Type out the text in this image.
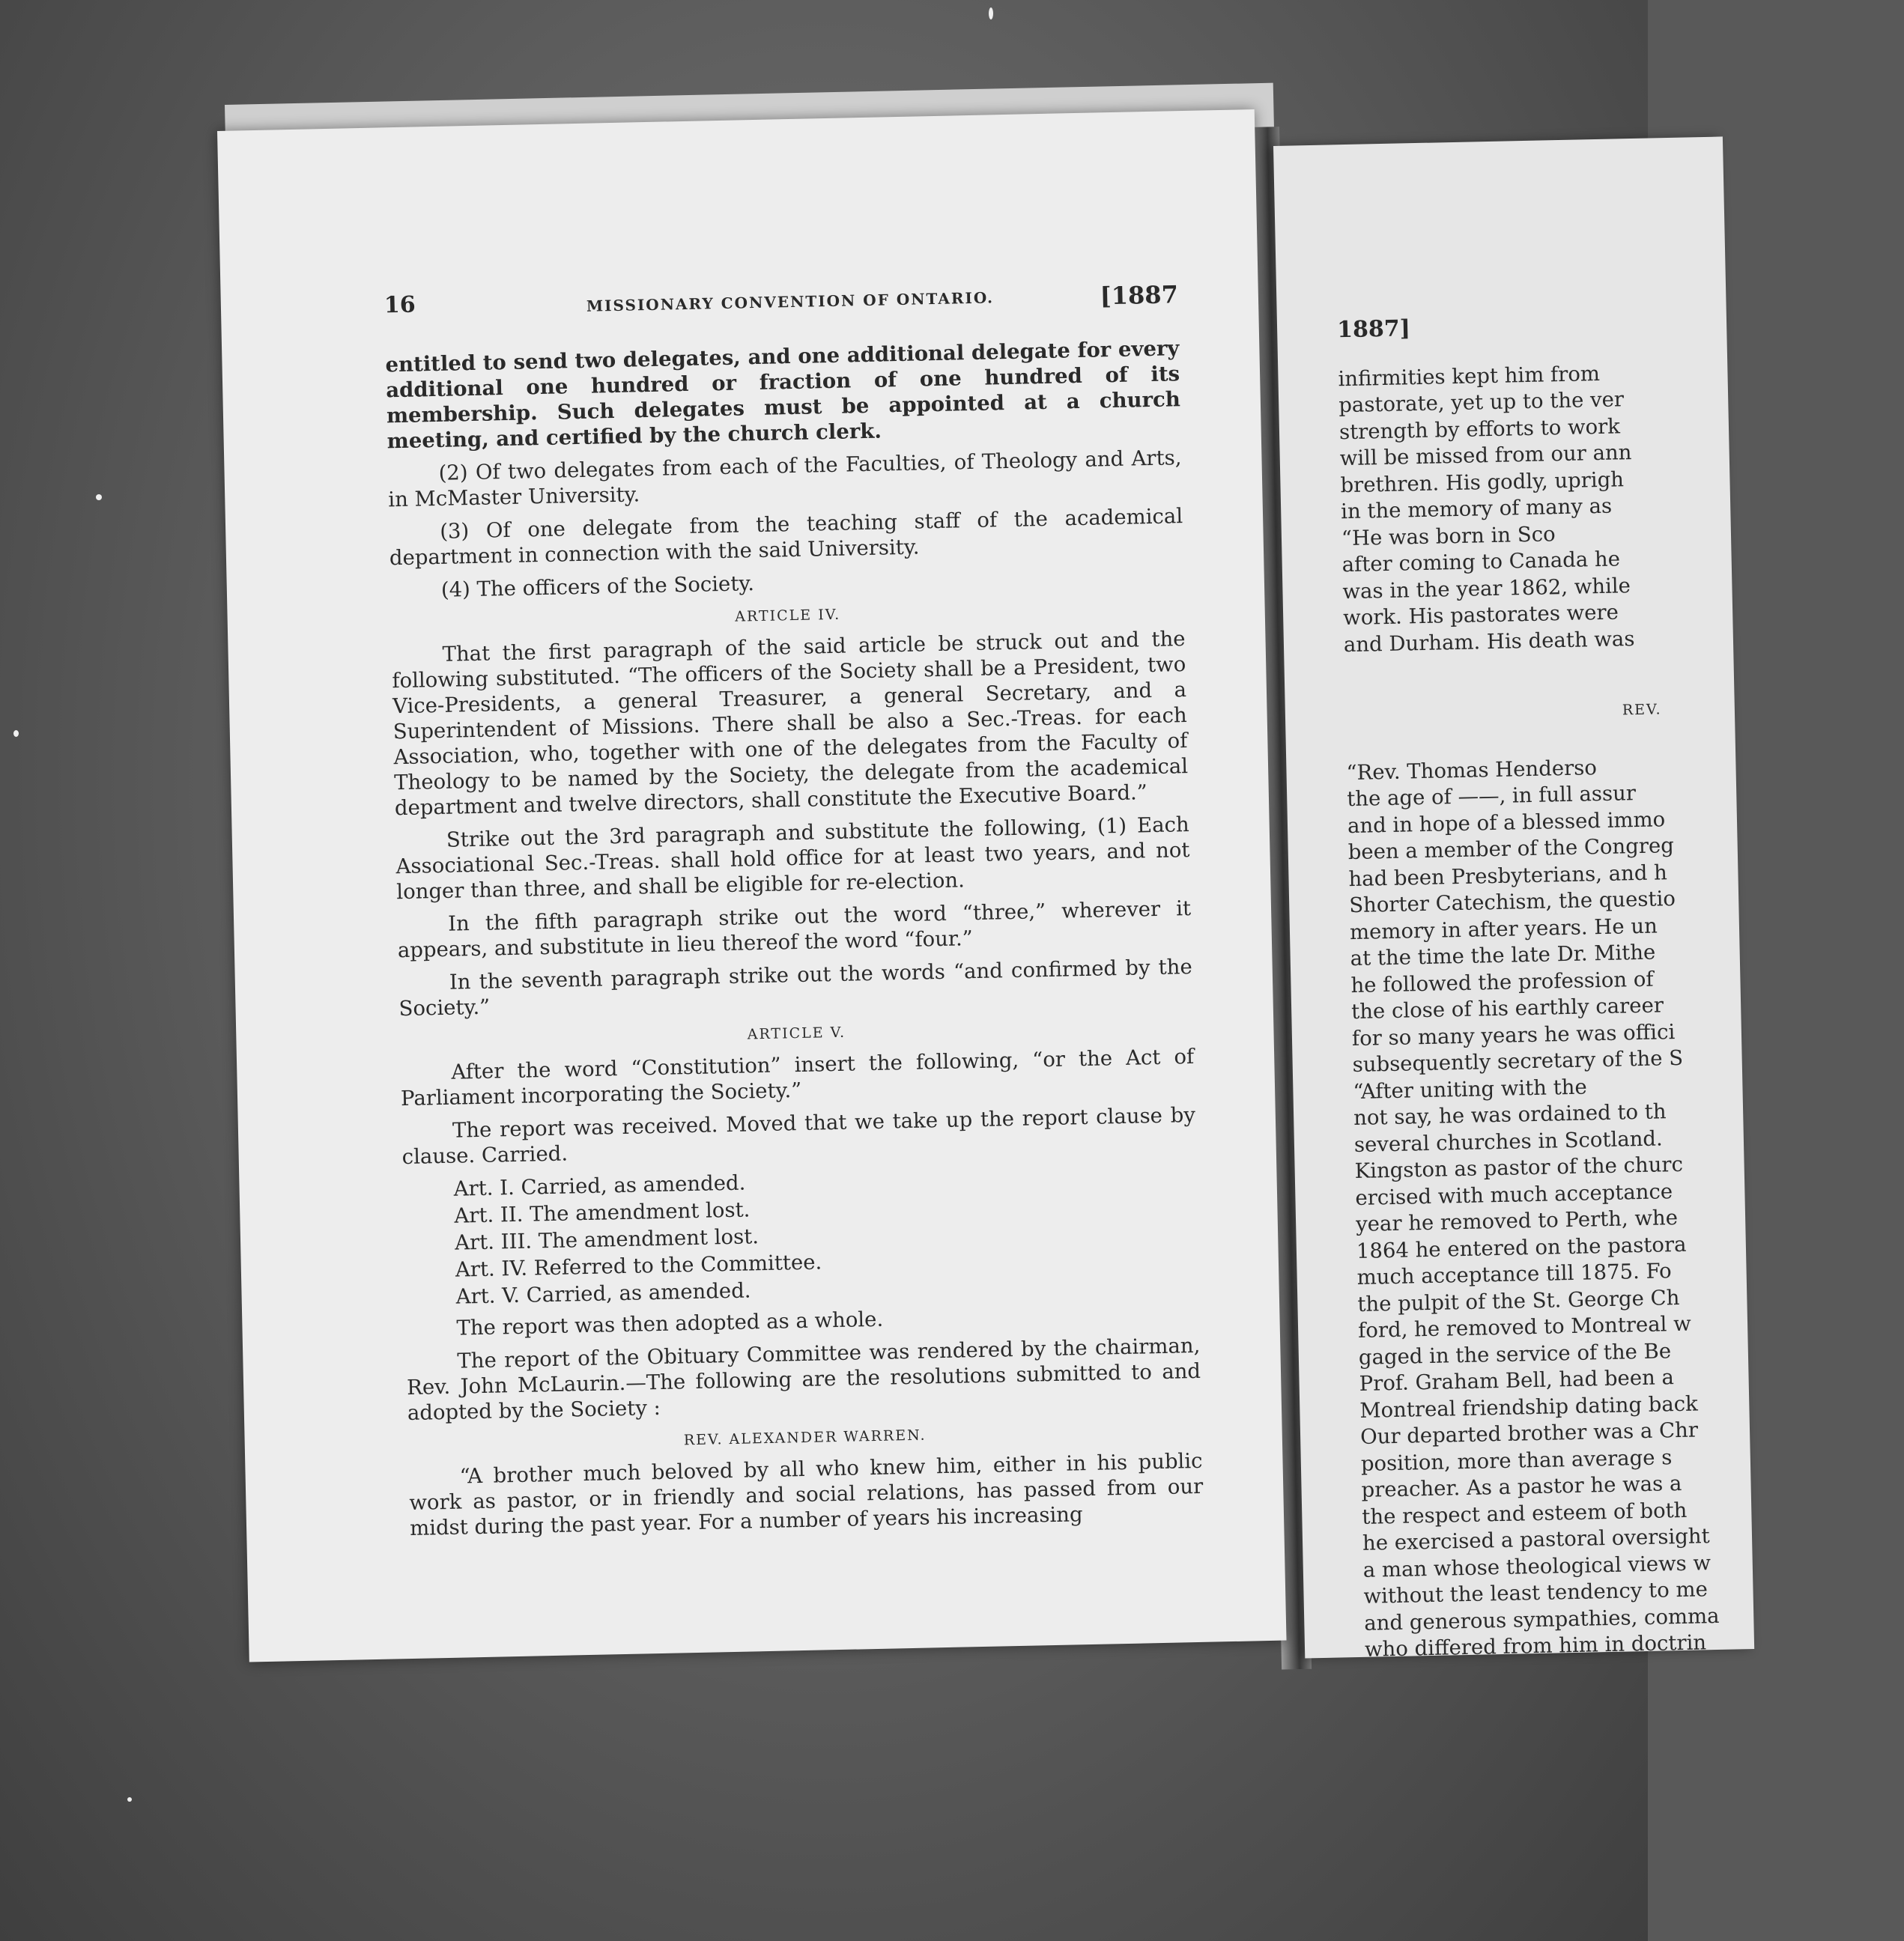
1887]

infirmities kept him from

pastorate, yet up to the ver

strength by efforts to work

will be missed from our ann

brethren. His godly, uprigh

in the memory of many as

“He was born in Sco

after coming to Canada he

was in the year 1862, while

work. His pastorates were

and Durham. His death was

REV.

“Rev. Thomas Henderso

the age of ——, in full assur

and in hope of a blessed immo

been a member of the Congreg

had been Presbyterians, and h

Shorter Catechism, the questio

memory in after years. He un

at the time the late Dr. Mithe

he followed the profession of

the close of his earthly career

for so many years he was offici

subsequently secretary of the S

“After uniting with the

not say, he was ordained to th

several churches in Scotland.

Kingston as pastor of the churc

ercised with much acceptance

year he removed to Perth, whe

1864 he entered on the pastora

much acceptance till 1875. Fo

the pulpit of the St. George Ch

ford, he removed to Montreal w

gaged in the service of the Be

Prof. Graham Bell, had been a

Montreal friendship dating back

Our departed brother was a Chr

position, more than average s

preacher. As a pastor he was a

the respect and esteem of both

he exercised a pastoral oversight

a man whose theological views w

without the least tendency to me

and generous sympathies, comma

who differed from him in doctrin

16	MISSIONARY CONVENTION OF ONTARIO.	[1887

entitled to send two delegates, and one additional delegate for every additional one hundred or fraction of one hundred of its membership. Such delegates must be appointed at a church meeting, and certified by the church clerk.

(2) Of two delegates from each of the Faculties, of Theology and Arts, in McMaster University.

(3) Of one delegate from the teaching staff of the academical department in connection with the said University.

(4) The officers of the Society.

ARTICLE IV.

That the first paragraph of the said article be struck out and the following substituted. “The officers of the Society shall be a President, two Vice-Presidents, a general Treasurer, a general Secretary, and a Superintendent of Missions. There shall be also a Sec.-Treas. for each Association, who, together with one of the delegates from the Faculty of Theology to be named by the Society, the delegate from the academical department and twelve directors, shall constitute the Executive Board.”

Strike out the 3rd paragraph and substitute the following, (1) Each Associational Sec.-Treas. shall hold office for at least two years, and not longer than three, and shall be eligible for re-election.

In the fifth paragraph strike out the word “three,” wherever it appears, and substitute in lieu thereof the word “four.”

In the seventh paragraph strike out the words “and confirmed by the Society.”

ARTICLE V.

After the word “Constitution” insert the following, “or the Act of Parliament incorporating the Society.”

The report was received. Moved that we take up the report clause by clause. Carried.

Art. I. Carried, as amended.
Art. II. The amendment lost.
Art. III. The amendment lost.
Art. IV. Referred to the Committee.
Art. V. Carried, as amended.

The report was then adopted as a whole.

The report of the Obituary Committee was rendered by the chairman, Rev. John McLaurin.—The following are the resolutions submitted to and adopted by the Society :

REV. ALEXANDER WARREN.

“A brother much beloved by all who knew him, either in his public work as pastor, or in friendly and social relations, has passed from our midst during the past year. For a number of years his increasing
